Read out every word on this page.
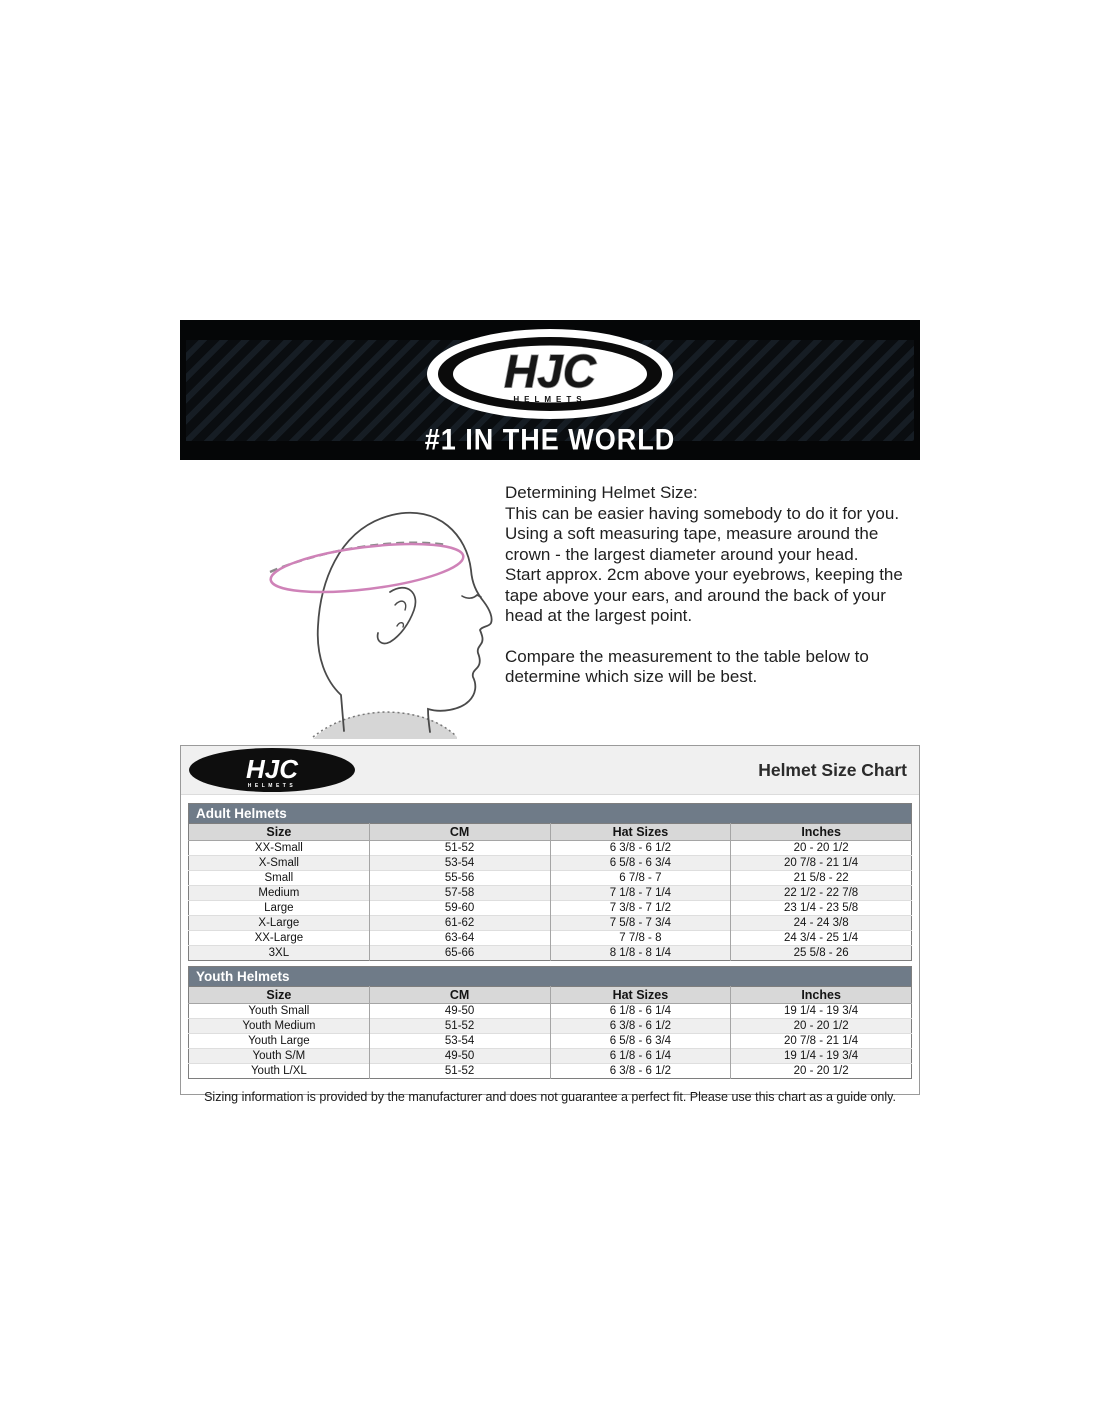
HJC
HELMETS
#1 IN THE WORLD
Determining Helmet Size:
This can be easier having somebody to do it for you.
Using a soft measuring tape, measure around the crown - the largest diameter around your head.
Start approx. 2cm above your eyebrows, keeping the tape above your ears, and around the back of your head at the largest point.
Compare the measurement to the table below to determine which size will be best.
HJC
HELMETS
Helmet Size Chart
Adult Helmets
Size	CM	Hat Sizes	Inches
XX-Small	51-52	6 3/8 - 6 1/2	20 - 20 1/2
X-Small	53-54	6 5/8 - 6 3/4	20 7/8 - 21 1/4
Small	55-56	6 7/8 - 7	21 5/8 - 22
Medium	57-58	7 1/8 - 7 1/4	22 1/2 - 22 7/8
Large	59-60	7 3/8 - 7 1/2	23 1/4 - 23 5/8
X-Large	61-62	7 5/8 - 7 3/4	24 - 24 3/8
XX-Large	63-64	7 7/8 - 8	24 3/4 - 25 1/4
3XL	65-66	8 1/8 - 8 1/4	25 5/8 - 26
Youth Helmets
Size	CM	Hat Sizes	Inches
Youth Small	49-50	6 1/8 - 6 1/4	19 1/4 - 19 3/4
Youth Medium	51-52	6 3/8 - 6 1/2	20 - 20 1/2
Youth Large	53-54	6 5/8 - 6 3/4	20 7/8 - 21 1/4
Youth S/M	49-50	6 1/8 - 6 1/4	19 1/4 - 19 3/4
Youth L/XL	51-52	6 3/8 - 6 1/2	20 - 20 1/2
Sizing information is provided by the manufacturer and does not guarantee a perfect fit. Please use this chart as a guide only.
